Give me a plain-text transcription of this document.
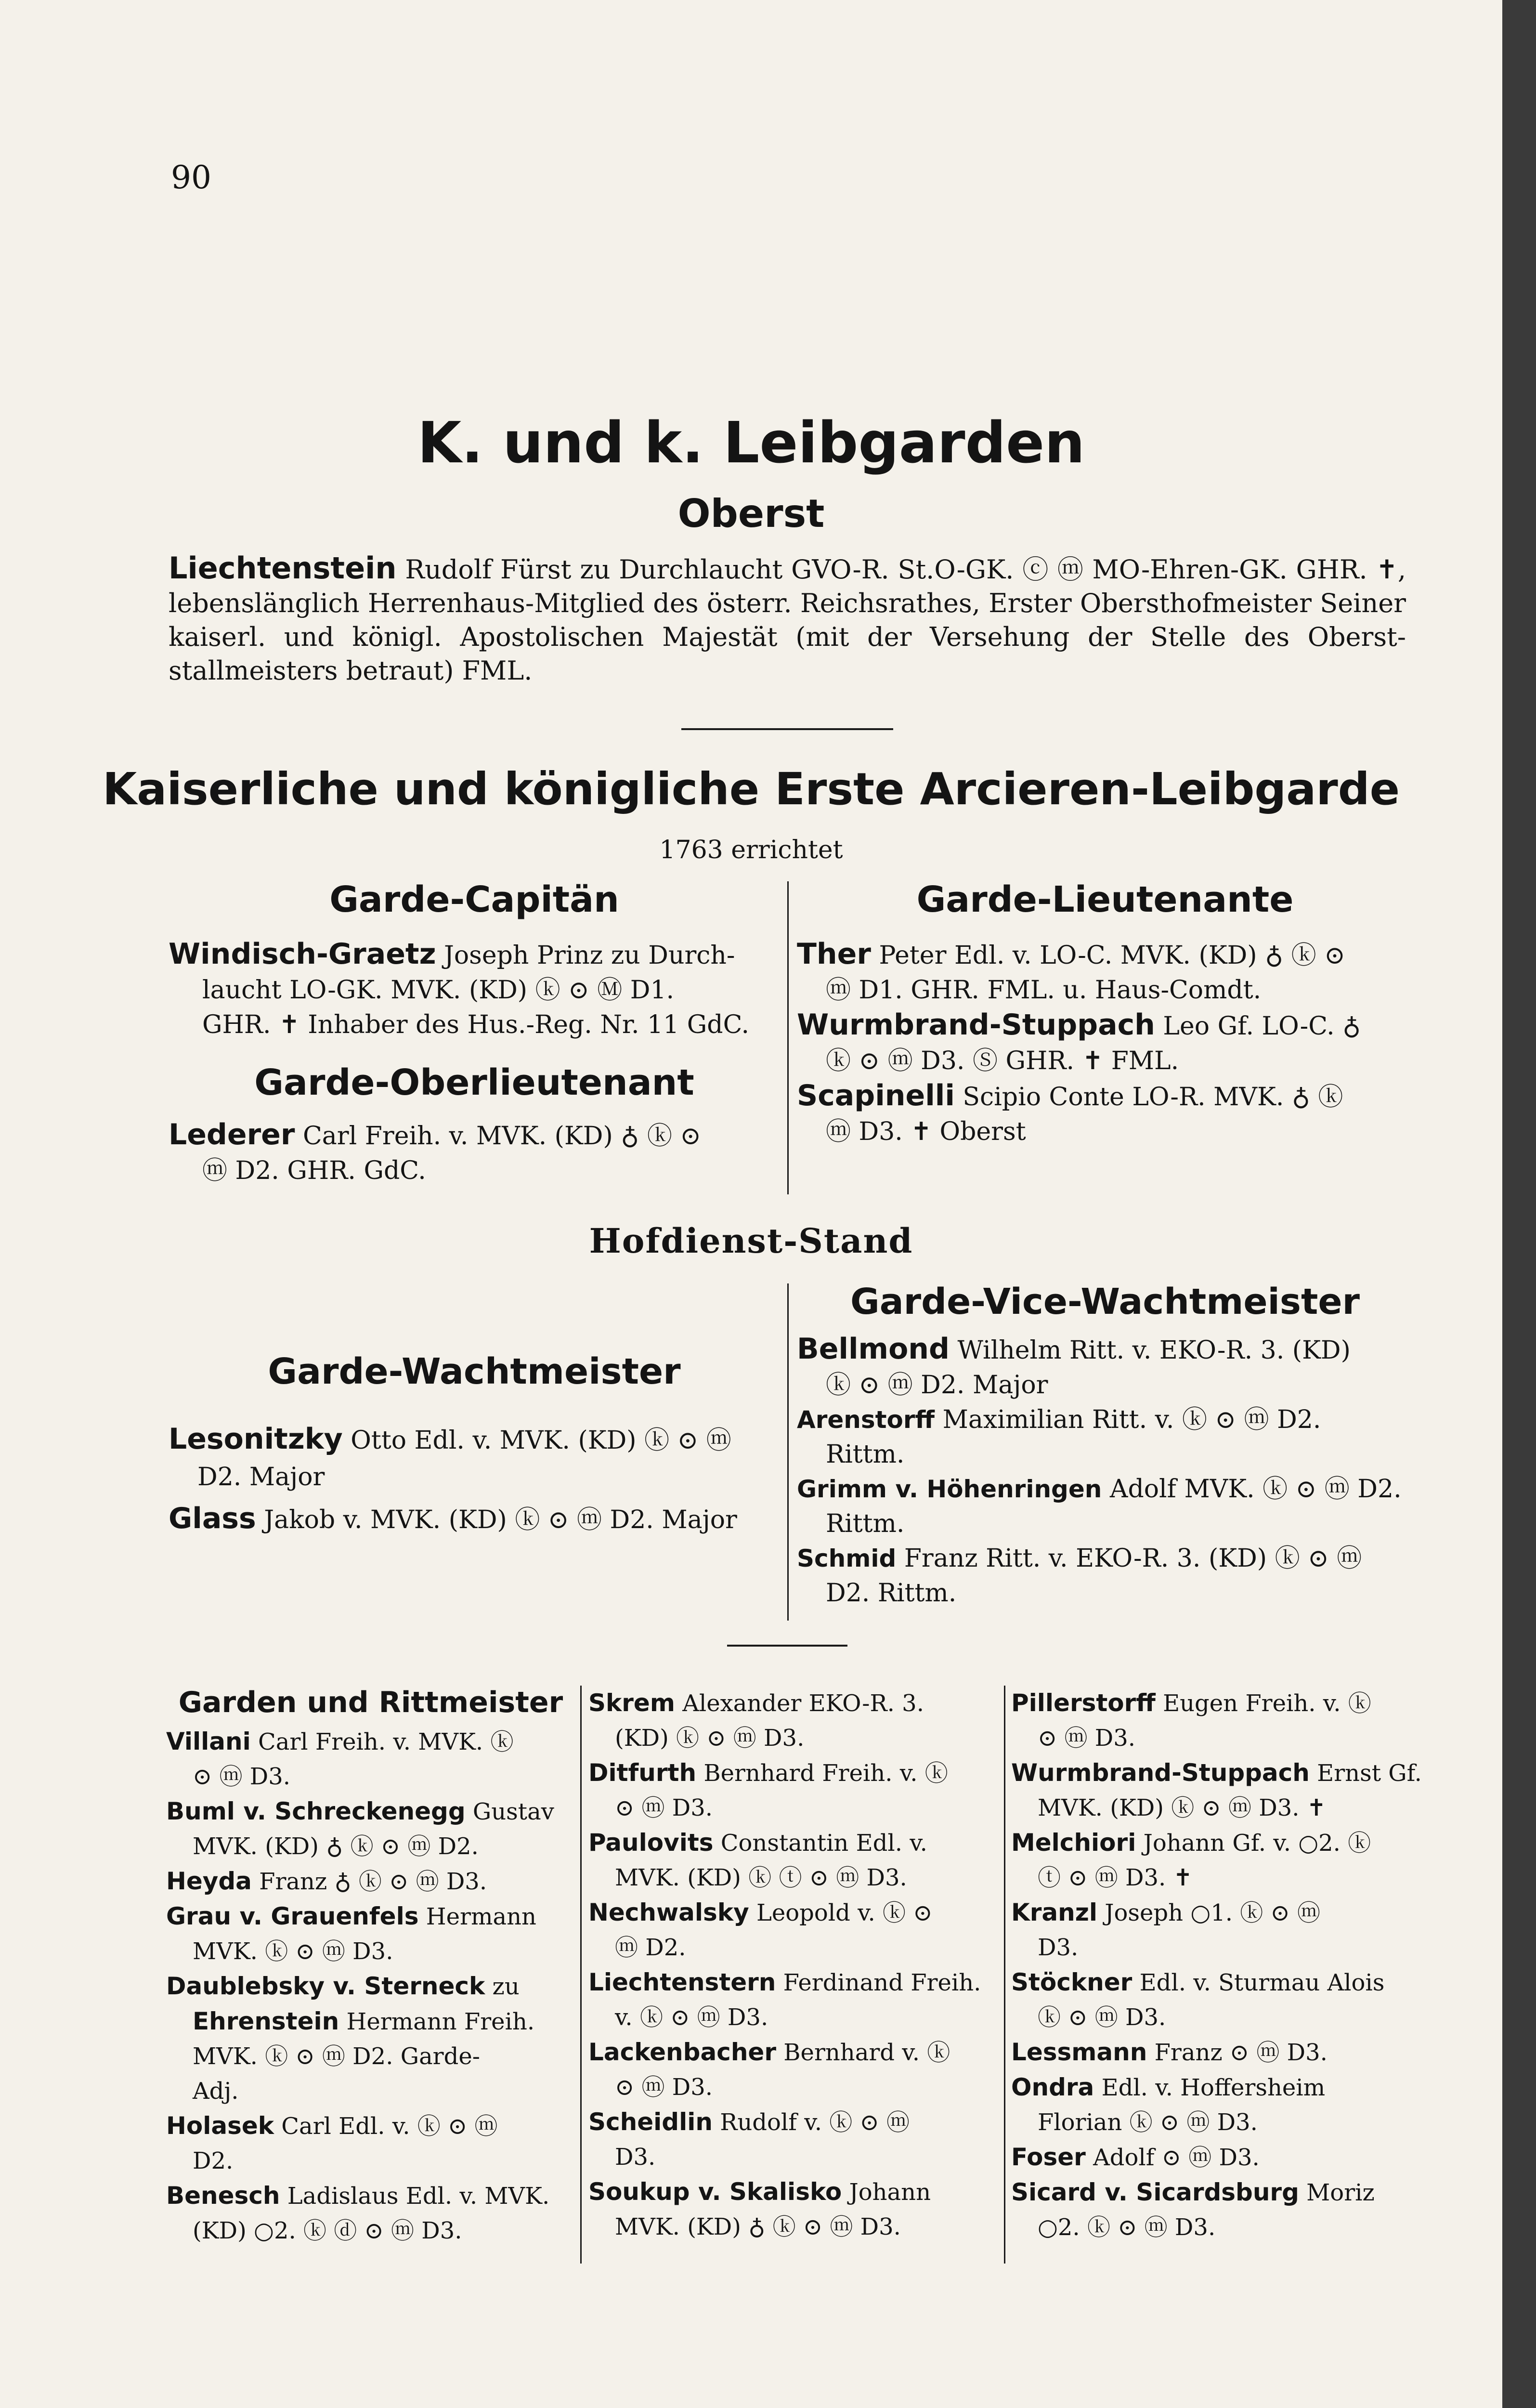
90
K. und k. Leibgarden
Oberst
Liechtenstein Rudolf Fürst zu Durchlaucht GVO-R. St.O-GK. ⓒ ⓜ MO-Ehren-GK. GHR. ✝, lebenslänglich Herrenhaus-Mitglied des österr. Reichsrathes, Erster Obersthofmeister Seiner kaiserl. und königl. Apostolischen Majestät (mit der Versehung der Stelle des Oberststallmeisters betraut) FML.
Kaiserliche und königliche Erste Arcieren-Leibgarde
1763 errichtet
Garde-Capitän
Windisch-Graetz Joseph Prinz zu Durch-
laucht LO-GK. MVK. (KD) ⓚ ⊙ Ⓜ D1.
GHR. ✝ Inhaber des Hus.-Reg. Nr. 11 GdC.
Garde-Oberlieutenant
Lederer Carl Freih. v. MVK. (KD) ♁ ⓚ ⊙
ⓜ D2. GHR. GdC.
Garde-Lieutenante
Ther Peter Edl. v. LO-C. MVK. (KD) ♁ ⓚ ⊙
ⓜ D1. GHR. FML. u. Haus-Comdt.
Wurmbrand-Stuppach Leo Gf. LO-C. ♁
ⓚ ⊙ ⓜ D3. Ⓢ GHR. ✝ FML.
Scapinelli Scipio Conte LO-R. MVK. ♁ ⓚ
ⓜ D3. ✝ Oberst
Hofdienst-Stand
Garde-Wachtmeister
Lesonitzky Otto Edl. v. MVK. (KD) ⓚ ⊙ ⓜ
D2. Major
Glass Jakob v. MVK. (KD) ⓚ ⊙ ⓜ D2. Major
Garde-Vice-Wachtmeister
Bellmond Wilhelm Ritt. v. EKO-R. 3. (KD)
ⓚ ⊙ ⓜ D2. Major
Arenstorff Maximilian Ritt. v. ⓚ ⊙ ⓜ D2.
Rittm.
Grimm v. Höhenringen Adolf MVK. ⓚ ⊙ ⓜ D2.
Rittm.
Schmid Franz Ritt. v. EKO-R. 3. (KD) ⓚ ⊙ ⓜ
D2. Rittm.
Garden und Rittmeister
Villani Carl Freih. v. MVK. ⓚ
⊙ ⓜ D3.
Buml v. Schreckenegg Gustav
MVK. (KD) ♁ ⓚ ⊙ ⓜ D2.
Heyda Franz ♁ ⓚ ⊙ ⓜ D3.
Grau v. Grauenfels Hermann
MVK. ⓚ ⊙ ⓜ D3.
Daublebsky v. Sterneck zu
Ehrenstein Hermann Freih.
MVK. ⓚ ⊙ ⓜ D2. Garde-
Adj.
Holasek Carl Edl. v. ⓚ ⊙ ⓜ
D2.
Benesch Ladislaus Edl. v. MVK.
(KD) ○2. ⓚ ⓓ ⊙ ⓜ D3.
Skrem Alexander EKO-R. 3.
(KD) ⓚ ⊙ ⓜ D3.
Ditfurth Bernhard Freih. v. ⓚ
⊙ ⓜ D3.
Paulovits Constantin Edl. v.
MVK. (KD) ⓚ ⓣ ⊙ ⓜ D3.
Nechwalsky Leopold v. ⓚ ⊙
ⓜ D2.
Liechtenstern Ferdinand Freih.
v. ⓚ ⊙ ⓜ D3.
Lackenbacher Bernhard v. ⓚ
⊙ ⓜ D3.
Scheidlin Rudolf v. ⓚ ⊙ ⓜ
D3.
Soukup v. Skalisko Johann
MVK. (KD) ♁ ⓚ ⊙ ⓜ D3.
Pillerstorff Eugen Freih. v. ⓚ
⊙ ⓜ D3.
Wurmbrand-Stuppach Ernst Gf.
MVK. (KD) ⓚ ⊙ ⓜ D3. ✝
Melchiori Johann Gf. v. ○2. ⓚ
ⓣ ⊙ ⓜ D3. ✝
Kranzl Joseph ○1. ⓚ ⊙ ⓜ
D3.
Stöckner Edl. v. Sturmau Alois
ⓚ ⊙ ⓜ D3.
Lessmann Franz ⊙ ⓜ D3.
Ondra Edl. v. Hoffersheim
Florian ⓚ ⊙ ⓜ D3.
Foser Adolf ⊙ ⓜ D3.
Sicard v. Sicardsburg Moriz
○2. ⓚ ⊙ ⓜ D3.
